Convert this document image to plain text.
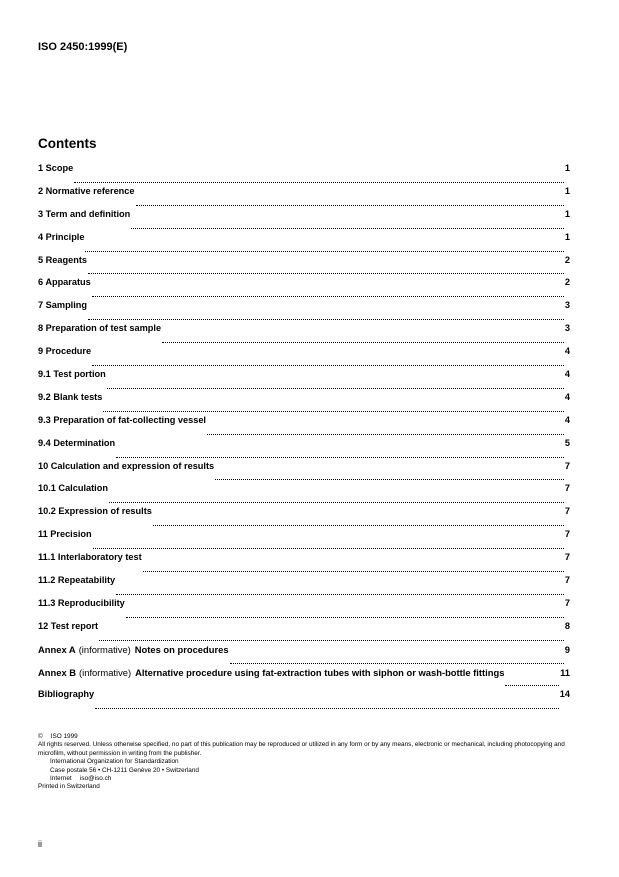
ISO 2450:1999(E)
Contents
1 Scope	1
2 Normative reference	1
3 Term and definition	1
4 Principle	1
5 Reagents	2
6 Apparatus	2
7 Sampling	3
8 Preparation of test sample	3
9 Procedure	4
9.1 Test portion	4
9.2 Blank tests	4
9.3 Preparation of fat-collecting vessel	4
9.4 Determination	5
10 Calculation and expression of results	7
10.1 Calculation	7
10.2 Expression of results	7
11 Precision	7
11.1 Interlaboratory test	7
11.2 Repeatability	7
11.3 Reproducibility	7
12 Test report	8
Annex A (informative) Notes on procedures	9
Annex B (informative) Alternative procedure using fat-extraction tubes with siphon or wash-bottle fittings	11
Bibliography	14
© ISO 1999
All rights reserved. Unless otherwise specified, no part of this publication may be reproduced or utilized in any form or by any means, electronic or mechanical, including photocopying and microfilm, without permission in writing from the publisher.
International Organization for Standardization
Case postale 56 • CH-1211 Genève 20 • Switzerland
Internet iso@iso.ch
Printed in Switzerland
ii
